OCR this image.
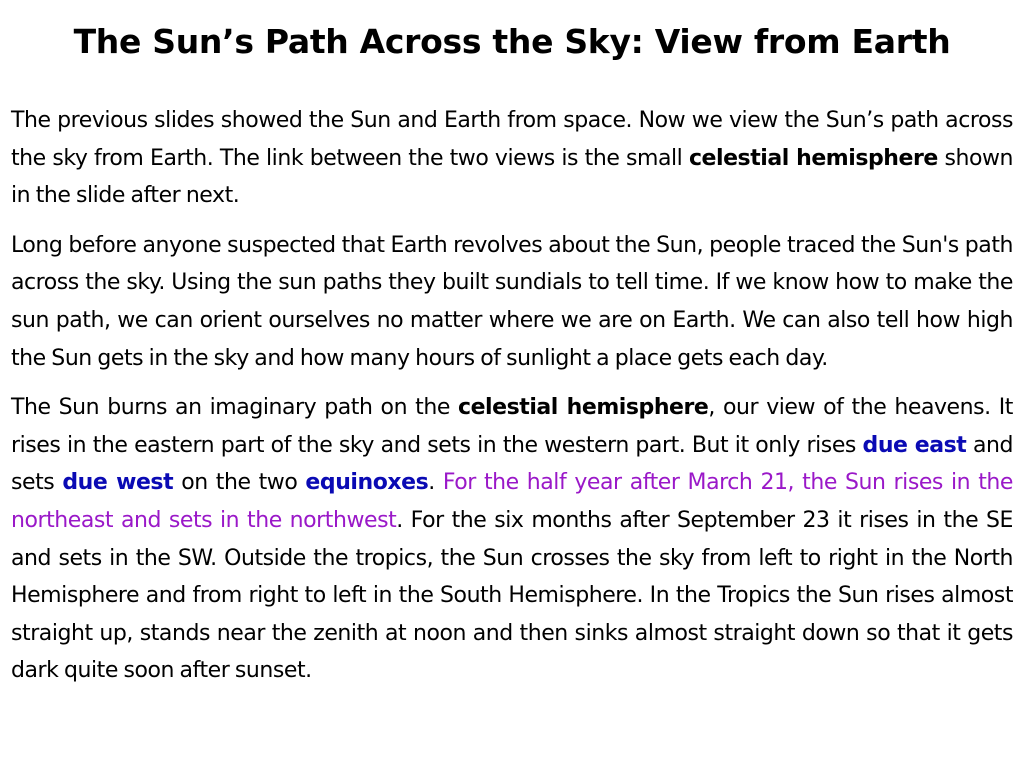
The Sun’s Path Across the Sky: View from Earth

The previous slides showed the Sun and Earth from space. Now we view the Sun’s path across the sky from Earth. The link between the two views is the small celestial hemisphere shown in the slide after next.

Long before anyone suspected that Earth revolves about the Sun, people traced the Sun's path across the sky. Using the sun paths they built sundials to tell time. If we know how to make the sun path, we can orient ourselves no matter where we are on Earth. We can also tell how high the Sun gets in the sky and how many hours of sunlight a place gets each day.

The Sun burns an imaginary path on the celestial hemisphere, our view of the heavens. It rises in the eastern part of the sky and sets in the western part. But it only rises due east and sets due west on the two equinoxes. For the half year after March 21, the Sun rises in the northeast and sets in the northwest. For the six months after September 23 it rises in the SE and sets in the SW. Outside the tropics, the Sun crosses the sky from left to right in the North Hemisphere and from right to left in the South Hemisphere. In the Tropics the Sun rises almost straight up, stands near the zenith at noon and then sinks almost straight down so that it gets dark quite soon after sunset.
